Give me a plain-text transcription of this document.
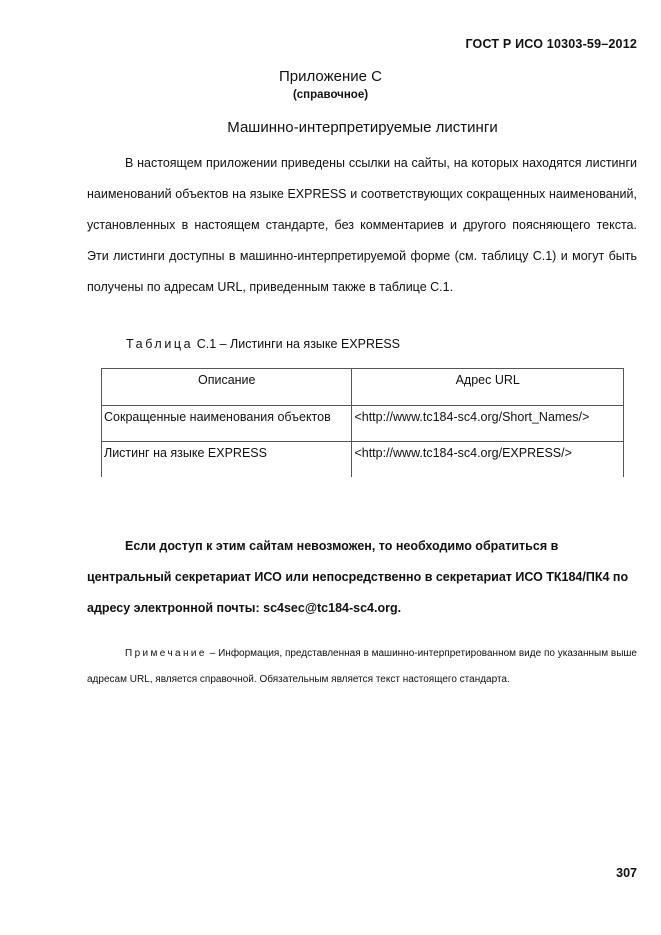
ГОСТ Р ИСО 10303-59–2012
Приложение С
(справочное)
Машинно-интерпретируемые листинги

В настоящем приложении приведены ссылки на сайты, на которых находятся листинги наименований объектов на языке EXPRESS и соответствующих сокращенных наименований, установленных в настоящем стандарте, без комментариев и другого поясняющего текста. Эти листинги доступны в машинно-интерпретируемой форме (см. таблицу С.1) и могут быть получены по адресам URL, приведенным также в таблице С.1.

Таблица С.1 – Листинги на языке EXPRESS
Описание	Адрес URL
Сокращенные наименования объектов	<http://www.tc184-sc4.org/Short_Names/>
Листинг на языке EXPRESS	<http://www.tc184-sc4.org/EXPRESS/>

Если доступ к этим сайтам невозможен, то необходимо обратиться в центральный секретариат ИСО или непосредственно в секретариат ИСО ТК184/ПК4 по адресу электронной почты: sc4sec@tc184-sc4.org.

Примечание – Информация, представленная в машинно-интерпретированном виде по указанным выше адресам URL, является справочной. Обязательным является текст настоящего стандарта.

307
